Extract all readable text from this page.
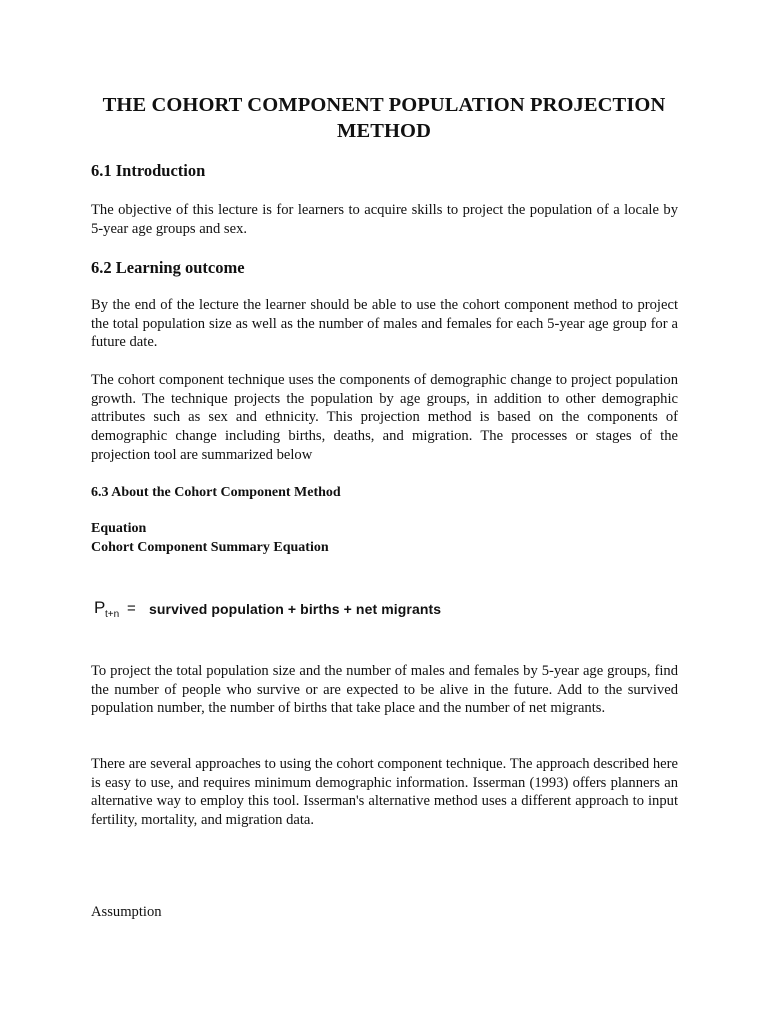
THE COHORT COMPONENT POPULATION PROJECTION METHOD
6.1 Introduction

The objective of this lecture is for learners to acquire skills to project the population of a locale by 5-year age groups and sex.

6.2 Learning outcome

By the end of the lecture the learner should be able to use the cohort component method to project the total population size as well as the number of males and females for each 5-year age group for a future date.

The cohort component technique uses the components of demographic change to project population growth. The technique projects the population by age groups, in addition to other demographic attributes such as sex and ethnicity. This projection method is based on the components of demographic change including births, deaths, and migration. The processes or stages of the projection tool are summarized below

6.3 About the Cohort Component Method
Equation
Cohort Component Summary Equation
P t+n = survived population + births + net migrants

To project the total population size and the number of males and females by 5-year age groups, find the number of people who survive or are expected to be alive in the future. Add to the survived population number, the number of births that take place and the number of net migrants.

There are several approaches to using the cohort component technique. The approach described here is easy to use, and requires minimum demographic information. Isserman (1993) offers planners an alternative way to employ this tool. Isserman's alternative method uses a different approach to input fertility, mortality, and migration data.

Assumption
